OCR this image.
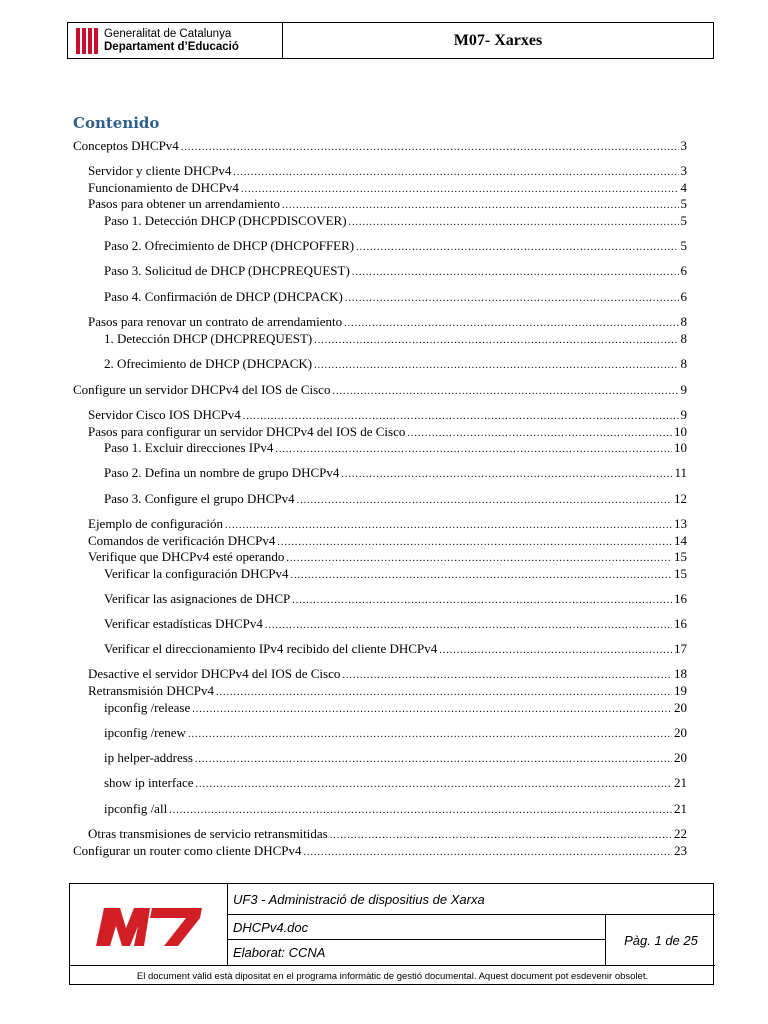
Generalitat de Catalunya
Departament d’Educació	M07- Xarxes
Contenido
Conceptos DHCPv4 .....	3
Servidor y cliente DHCPv4 .....	3
Funcionamiento de DHCPv4 .....	4
Pasos para obtener un arrendamiento .....	5
Paso 1. Detección DHCP (DHCPDISCOVER) .....	5
Paso 2. Ofrecimiento de DHCP (DHCPOFFER) .....	5
Paso 3. Solicitud de DHCP (DHCPREQUEST) .....	6
Paso 4. Confirmación de DHCP (DHCPACK) .....	6
Pasos para renovar un contrato de arrendamiento .....	8
1. Detección DHCP (DHCPREQUEST) .....	8
2. Ofrecimiento de DHCP (DHCPACK) .....	8
Configure un servidor DHCPv4 del IOS de Cisco .....	9
Servidor Cisco IOS DHCPv4 .....	9
Pasos para configurar un servidor DHCPv4 del IOS de Cisco .....	10
Paso 1. Excluir direcciones IPv4 .....	10
Paso 2. Defina un nombre de grupo DHCPv4 .....	11
Paso 3. Configure el grupo DHCPv4 .....	12
Ejemplo de configuración .....	13
Comandos de verificación DHCPv4 .....	14
Verifique que DHCPv4 esté operando .....	15
Verificar la configuración DHCPv4 .....	15
Verificar las asignaciones de DHCP .....	16
Verificar estadísticas DHCPv4 .....	16
Verificar el direccionamiento IPv4 recibido del cliente DHCPv4 .....	17
Desactive el servidor DHCPv4 del IOS de Cisco .....	18
Retransmisión DHCPv4 .....	19
ipconfig /release .....	20
ipconfig /renew .....	20
ip helper-address .....	20
show ip interface .....	21
ipconfig /all .....	21
Otras transmisiones de servicio retransmitidas .....	22
Configurar un router como cliente DHCPv4 .....	23
UF3 - Administració de dispositius de Xarxa
DHCPv4.doc
Elaborat: CCNA
Pàg. 1 de 25
El document vàlid està dipositat en el programa informàtic de gestió documental. Aquest document pot esdevenir obsolet.
